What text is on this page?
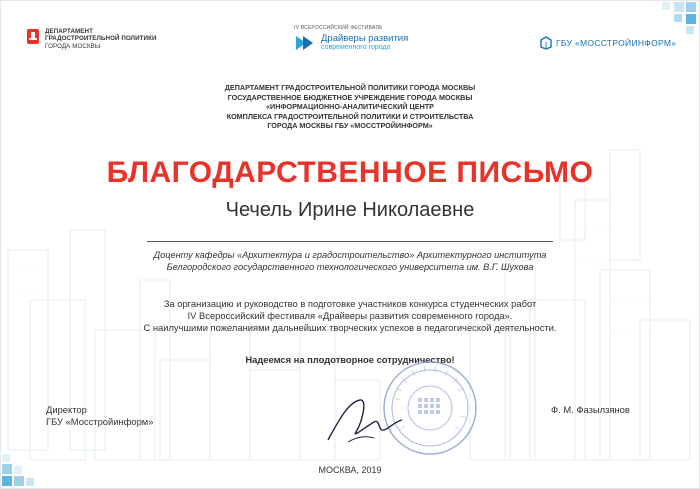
ДЕПАРТАМЕНТ
ГРАДОСТРОИТЕЛЬНОЙ ПОЛИТИКИ
ГОРОДА МОСКВЫ
IV ВСЕРОССИЙСКИЙ ФЕСТИВАЛЬ
Драйверы развития
современного города	ГБУ «МОССТРОЙИНФОРМ»
ДЕПАРТАМЕНТ ГРАДОСТРОИТЕЛЬНОЙ ПОЛИТИКИ ГОРОДА МОСКВЫ
ГОСУДАРСТВЕННОЕ БЮДЖЕТНОЕ УЧРЕЖДЕНИЕ ГОРОДА МОСКВЫ
«ИНФОРМАЦИОННО-АНАЛИТИЧЕСКИЙ ЦЕНТР
КОМПЛЕКСА ГРАДОСТРОИТЕЛЬНОЙ ПОЛИТИКИ И СТРОИТЕЛЬСТВА
ГОРОДА МОСКВЫ ГБУ «МОССТРОЙИНФОРМ»
БЛАГОДАРСТВЕННОЕ ПИСЬМО
Чечель Ирине Николаевне
Доценту кафедры «Архитектура и градостроительство» Архитектурного института
Белгородского государственного технологического университета им. В.Г. Шухова
За организацию и руководство в подготовке участников конкурса студенческих работ
IV Всероссийский фестиваля «Драйверы развития современного города».
С наилучшими пожеланиями дальнейших творческих успехов в педагогической деятельности.
Надеемся на плодотворное сотрудничество!
Директор
ГБУ «Мосстройинформ»
Ф. М. Фазылзянов
МОСКВА, 2019
